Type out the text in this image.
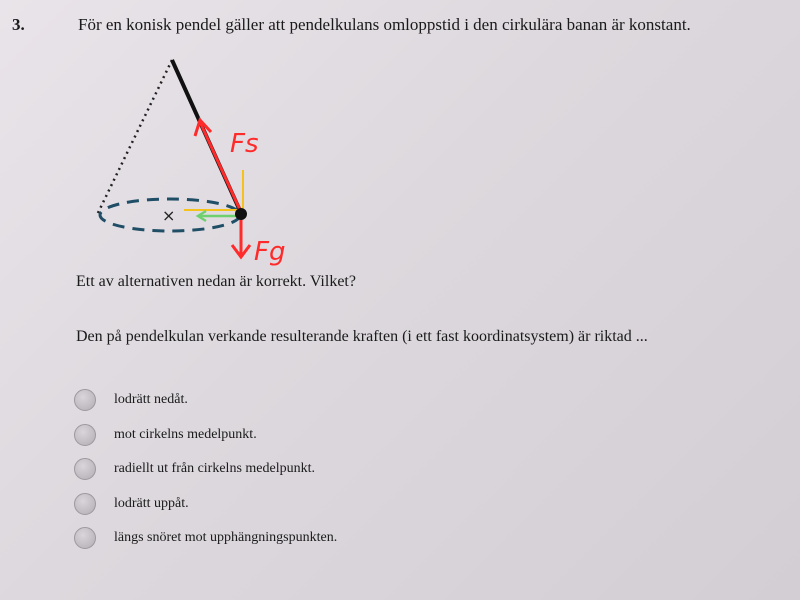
3.	För en konisk pendel gäller att pendelkulans omloppstid i den cirkulära banan är konstant.
×
Fs
Fg
Ett av alternativen nedan är korrekt. Vilket?
Den på pendelkulan verkande resulterande kraften (i ett fast koordinatsystem) är riktad ...
lodrätt nedåt.
mot cirkelns medelpunkt.
radiellt ut från cirkelns medelpunkt.
lodrätt uppåt.
längs snöret mot upphängningspunkten.
